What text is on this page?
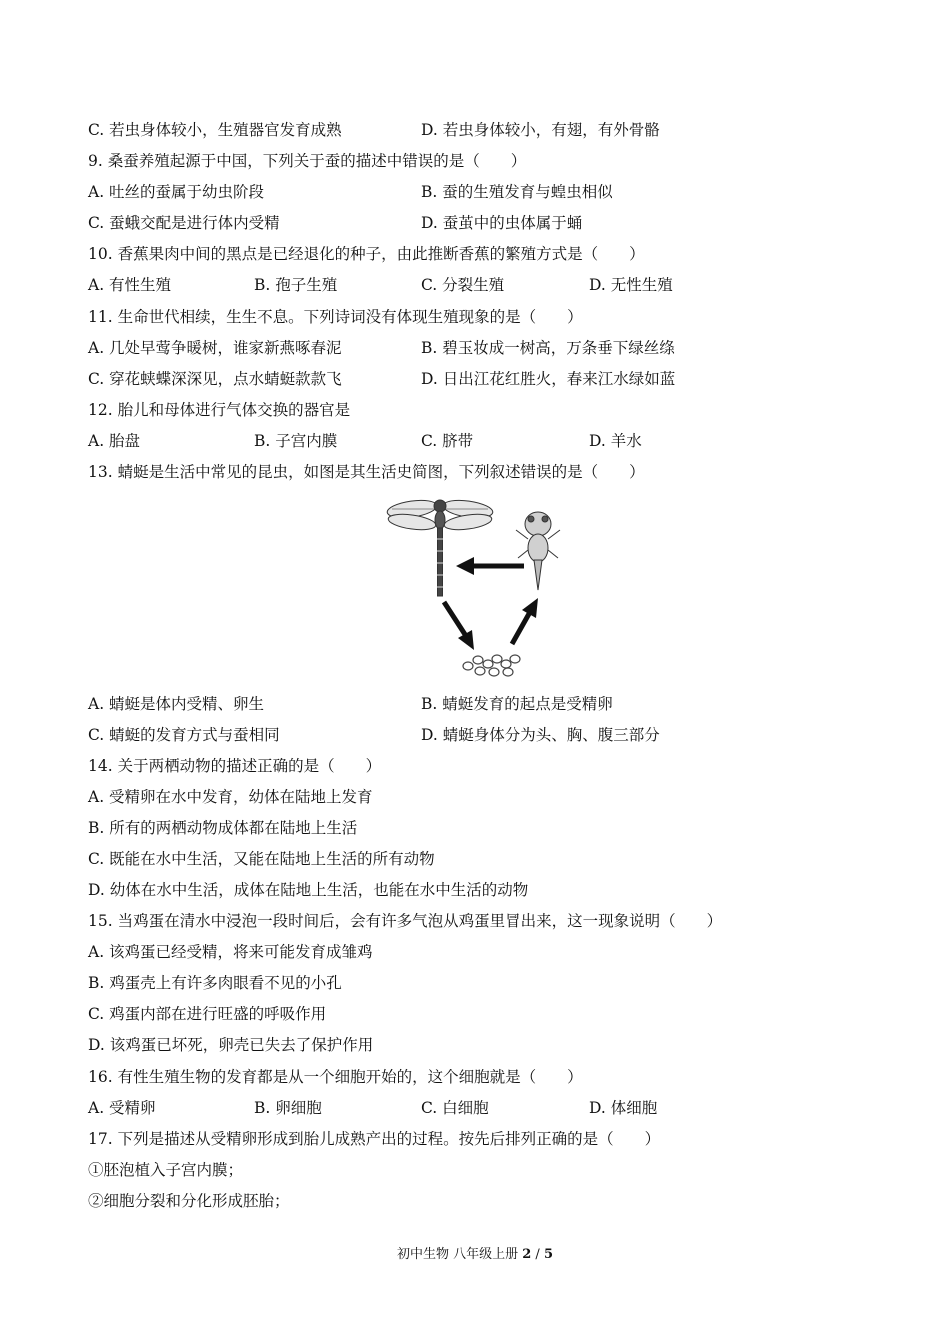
C. 若虫身体较小，生殖器官发育成熟	D. 若虫身体较小，有翅，有外骨骼
9. 桑蚕养殖起源于中国，下列关于蚕的描述中错误的是（　　）
A. 吐丝的蚕属于幼虫阶段	B. 蚕的生殖发育与蝗虫相似
C. 蚕蛾交配是进行体内受精	D. 蚕茧中的虫体属于蛹
10. 香蕉果肉中间的黑点是已经退化的种子，由此推断香蕉的繁殖方式是（　　）
A. 有性生殖	B. 孢子生殖	C. 分裂生殖	D. 无性生殖
11. 生命世代相续，生生不息。下列诗词没有体现生殖现象的是（　　）
A. 几处早莺争暖树，谁家新燕啄春泥	B. 碧玉妆成一树高，万条垂下绿丝绦
C. 穿花蛱蝶深深见，点水蜻蜓款款飞	D. 日出江花红胜火，春来江水绿如蓝
12. 胎儿和母体进行气体交换的器官是
A. 胎盘	B. 子宫内膜	C. 脐带	D. 羊水
13. 蜻蜓是生活中常见的昆虫，如图是其生活史简图，下列叙述错误的是（　　）
A. 蜻蜓是体内受精、卵生	B. 蜻蜓发育的起点是受精卵
C. 蜻蜓的发育方式与蚕相同	D. 蜻蜓身体分为头、胸、腹三部分
14. 关于两栖动物的描述正确的是（　　）
A. 受精卵在水中发育，幼体在陆地上发育
B. 所有的两栖动物成体都在陆地上生活
C. 既能在水中生活，又能在陆地上生活的所有动物
D. 幼体在水中生活，成体在陆地上生活，也能在水中生活的动物
15. 当鸡蛋在清水中浸泡一段时间后，会有许多气泡从鸡蛋里冒出来，这一现象说明（　　）
A. 该鸡蛋已经受精，将来可能发育成雏鸡
B. 鸡蛋壳上有许多肉眼看不见的小孔
C. 鸡蛋内部在进行旺盛的呼吸作用
D. 该鸡蛋已坏死，卵壳已失去了保护作用
16. 有性生殖生物的发育都是从一个细胞开始的，这个细胞就是（　　）
A. 受精卵	B. 卵细胞	C. 白细胞	D. 体细胞
17. 下列是描述从受精卵形成到胎儿成熟产出的过程。按先后排列正确的是（　　）
①胚泡植入子宫内膜；
②细胞分裂和分化形成胚胎；
初中生物 八年级上册 2 / 5
